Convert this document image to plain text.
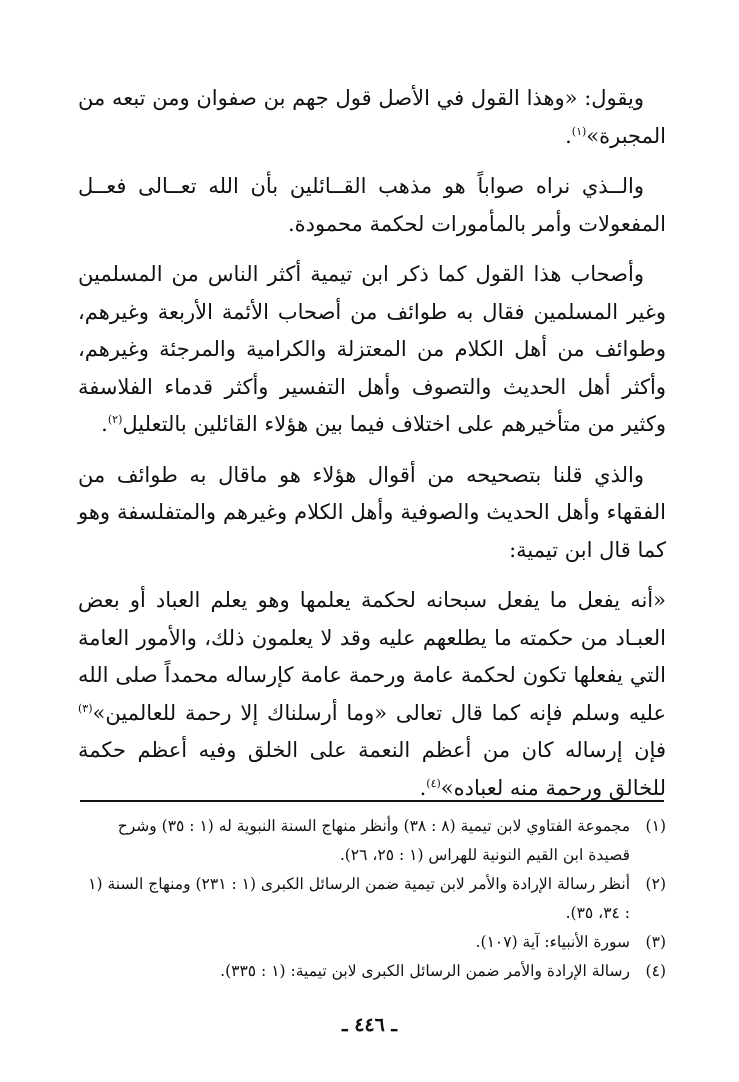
ويقول: «وهذا القول في الأصل قول جهم بن صفوان ومن تبعه من المجبرة»$^{(١)}$.

والــذي نراه صواباً هو مذهب القــائلين بأن الله تعــالى فعــل المفعولات وأمر بالمأمورات لحكمة محمودة.

وأصحاب هذا القول كما ذكر ابن تيمية أكثر الناس من المسلمين وغير المسلمين فقال به طوائف من أصحاب الأئمة الأربعة وغيرهم، وطوائف من أهل الكلام من المعتزلة والكرامية والمرجئة وغيرهم، وأكثر أهل الحديث والتصوف وأهل التفسير وأكثر قدماء الفلاسفة وكثير من متأخيرهم على اختلاف فيما بين هؤلاء القائلين بالتعليل$^{(٢)}$.

والذي قلنا بتصحيحه من أقوال هؤلاء هو ماقال به طوائف من الفقهاء وأهل الحديث والصوفية وأهل الكلام وغيرهم والمتفلسفة وهو كما قال ابن تيمية:

«أنه يفعل ما يفعل سبحانه لحكمة يعلمها وهو يعلم العباد أو بعض العبـاد من حكمته ما يطلعهم عليه وقد لا يعلمون ذلك، والأمور العامة التي يفعلها تكون لحكمة عامة ورحمة عامة كإرساله محمداً صلى الله عليه وسلم فإنه كما قال تعالى «وما أرسلناك إلا رحمة للعالمين»$^{(٣)}$ فإن إرساله كان من أعظم النعمة على الخلق وفيه أعظم حكمة للخالق ورحمة منه لعباده»$^{(٤)}$.

(١)
مجموعة الفتاوي لابن تيمية (٨ : ٣٨) وأنظر منهاج السنة النبوية له (١ : ٣٥) وشرح قصيدة ابن القيم النونية للهراس (١ : ٢٥، ٢٦).
(٢)
أنظر رسالة الإرادة والأمر لابن تيمية ضمن الرسائل الكبرى (١ : ٢٣١) ومنهاج السنة (١ : ٣٤، ٣٥).
(٣)
سورة الأنبياء: آية (١٠٧).
(٤)
رسالة الإرادة والأمر ضمن الرسائل الكبرى لابن تيمية: (١ : ٣٣٥).
ـ ٤٤٦ ـ
